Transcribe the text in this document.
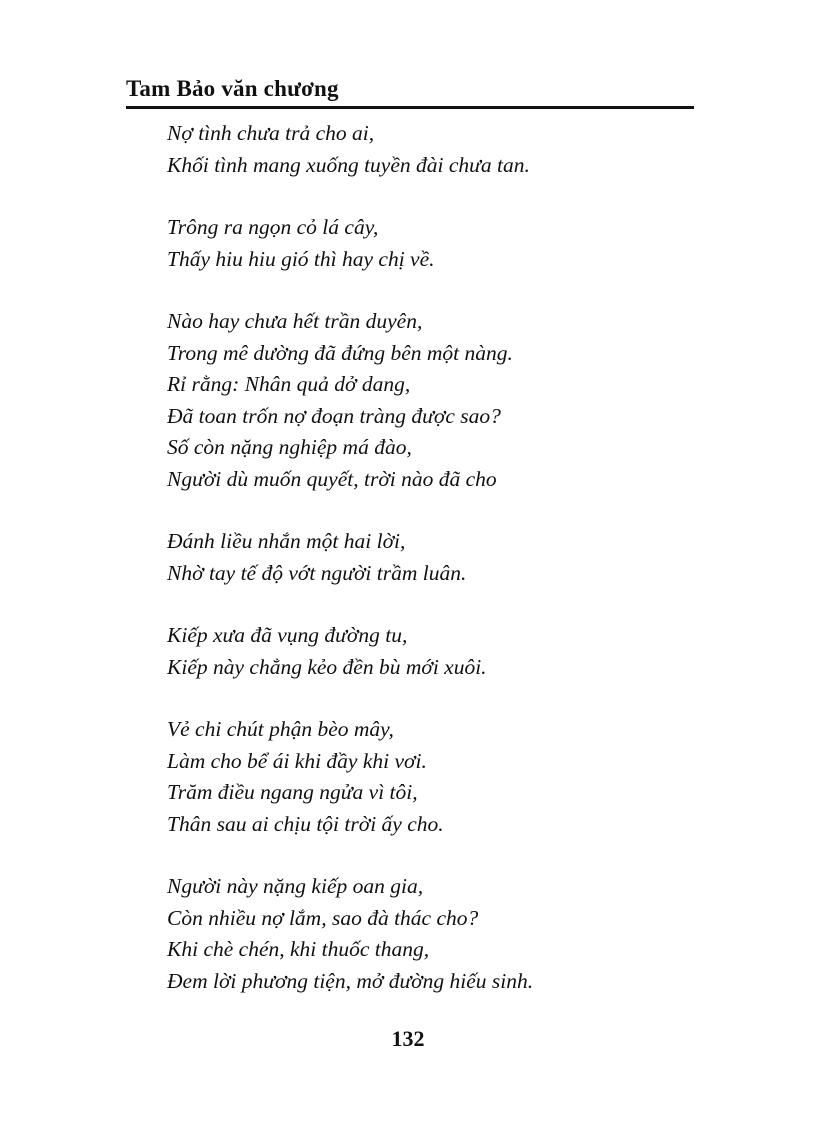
Tam Bảo văn chương
Nợ tình chưa trả cho ai,
Khối tình mang xuống tuyền đài chưa tan.
Trông ra ngọn cỏ lá cây,
Thấy hiu hiu gió thì hay chị về.
Nào hay chưa hết trần duyên,
Trong mê dường đã đứng bên một nàng.
Rỉ rằng: Nhân quả dở dang,
Đã toan trốn nợ đoạn tràng được sao?
Số còn nặng nghiệp má đào,
Người dù muốn quyết, trời nào đã cho
Đánh liều nhắn một hai lời,
Nhờ tay tế độ vớt người trầm luân.
Kiếp xưa đã vụng đường tu,
Kiếp này chẳng kẻo đền bù mới xuôi.
Vẻ chi chút phận bèo mây,
Làm cho bể ái khi đầy khi vơi.
Trăm điều ngang ngửa vì tôi,
Thân sau ai chịu tội trời ấy cho.
Người này nặng kiếp oan gia,
Còn nhiều nợ lắm, sao đà thác cho?
Khi chè chén, khi thuốc thang,
Đem lời phương tiện, mở đường hiếu sinh.
132
